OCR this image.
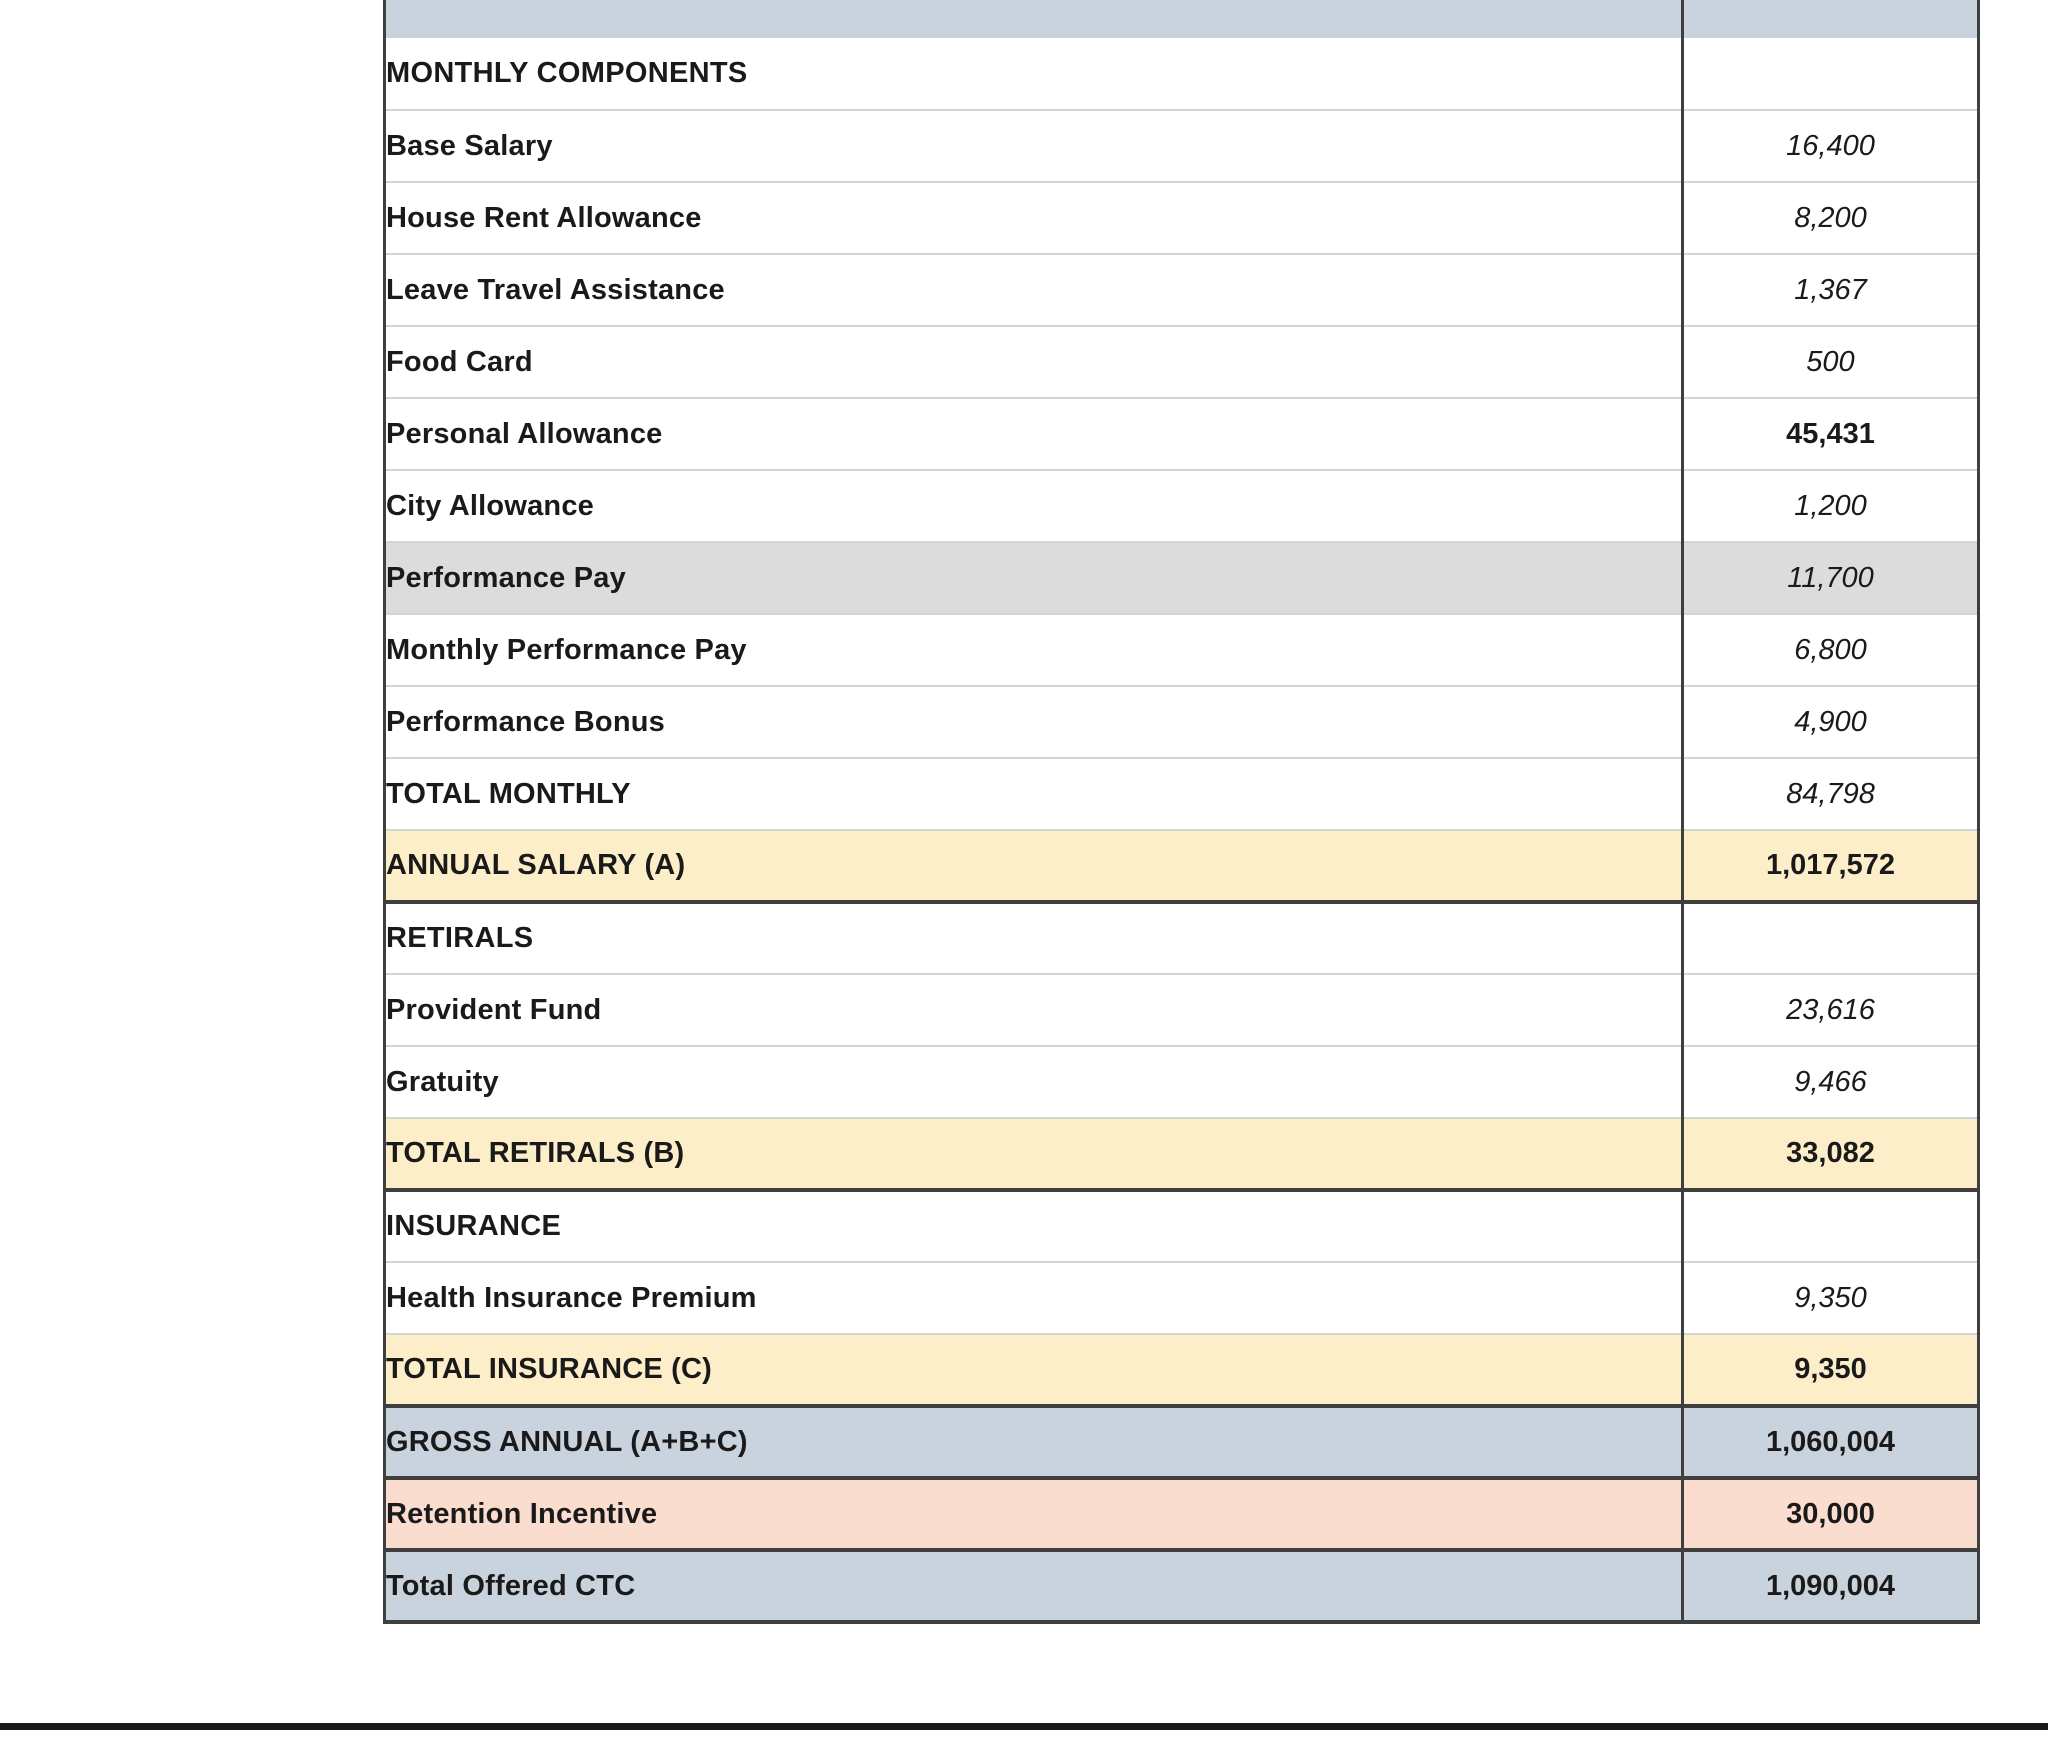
MONTHLY COMPONENTS	
Base Salary	16,400
House Rent Allowance	8,200
Leave Travel Assistance	1,367
Food Card	500
Personal Allowance	45,431
City Allowance	1,200
Performance Pay	11,700
Monthly Performance Pay	6,800
Performance Bonus	4,900
TOTAL MONTHLY	84,798
ANNUAL SALARY (A)	1,017,572
RETIRALS	
Provident Fund	23,616
Gratuity	9,466
TOTAL RETIRALS (B)	33,082
INSURANCE	
Health Insurance Premium	9,350
TOTAL INSURANCE (C)	9,350
GROSS ANNUAL (A+B+C)	1,060,004
Retention Incentive	30,000
Total Offered CTC	1,090,004
